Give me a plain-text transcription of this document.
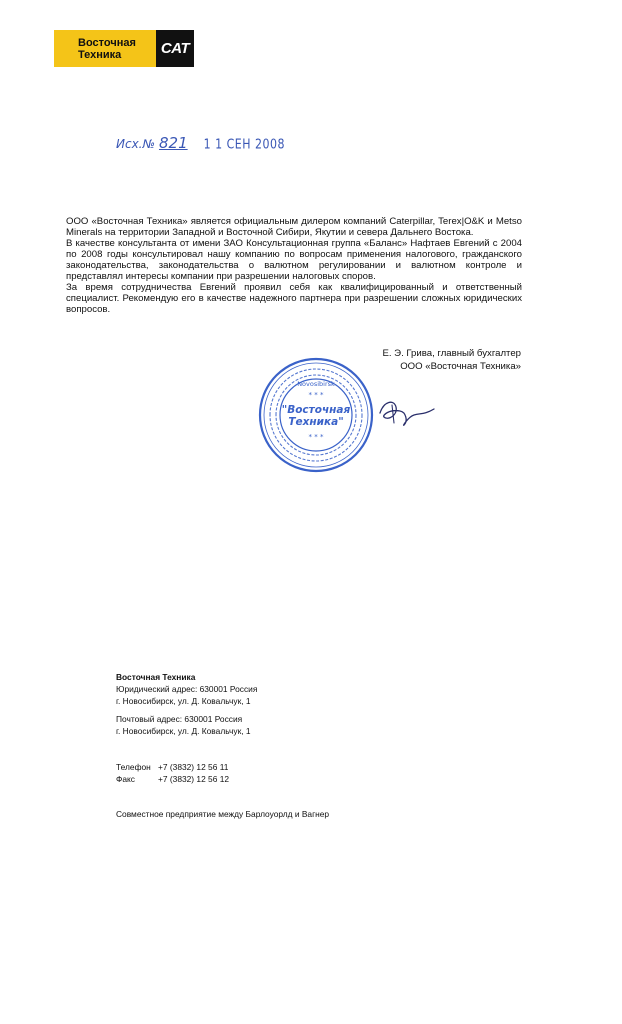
Восточная
Техника	CAT
Исх.№ 821 1 1 СЕН 2008

ООО «Восточная Техника» является официальным дилером компаний Caterpillar, Terex|O&K и Metso Minerals на территории Западной и Восточной Сибири, Якутии и севера Дальнего Востока.

В качестве консультанта от имени ЗАО Консультационная группа «Баланс» Нафтаев Евгений с 2004 по 2008 годы консультировал нашу компанию по вопросам применения налогового, гражданского законодательства, законодательства о валютном регулировании и валютном контроле и представлял интересы компании при разрешении налоговых споров.

За время сотрудничества Евгений проявил себя как квалифицированный и ответственный специалист. Рекомендую его в качестве надежного партнера при разрешении сложных юридических вопросов.

Е. Э. Грива, главный бухгалтер
ООО «Восточная Техника»
Novosibirsk
* * *
"Восточная
Техника"
* * *
Восточная Техника
Юридический адрес: 630001 Россия
г. Новосибирск, ул. Д. Ковальчук, 1
Почтовый адрес: 630001 Россия
г. Новосибирск, ул. Д. Ковальчук, 1
Телефон +7 (3832) 12 56 11
Факс	+7 (3832) 12 56 12
Совместное предприятие между Барлоуорлд и Вагнер
